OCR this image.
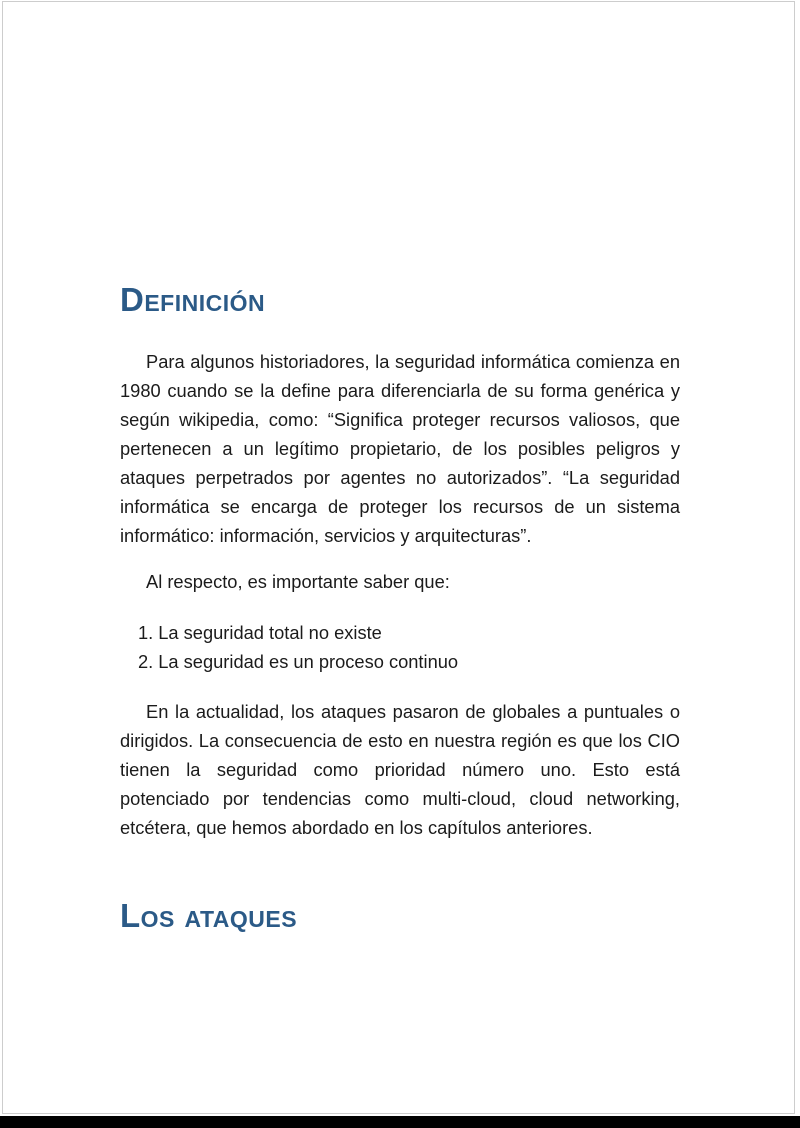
Definición

Para algunos historiadores, la seguridad informática comienza en 1980 cuando se la define para diferenciarla de su forma genérica y según wikipedia, como: “Significa proteger recursos valiosos, que pertenecen a un legítimo propietario, de los posibles peligros y ataques perpetrados por agentes no autorizados”. “La seguridad informática se encarga de proteger los recursos de un sistema informático: información, servicios y arquitecturas”.

Al respecto, es importante saber que:

1. La seguridad total no existe
2. La seguridad es un proceso continuo

En la actualidad, los ataques pasaron de globales a puntuales o dirigidos. La consecuencia de esto en nuestra región es que los CIO tienen la seguridad como prioridad número uno. Esto está potenciado por tendencias como multi-cloud, cloud networking, etcétera, que hemos abordado en los capítulos anteriores.

Los ataques
